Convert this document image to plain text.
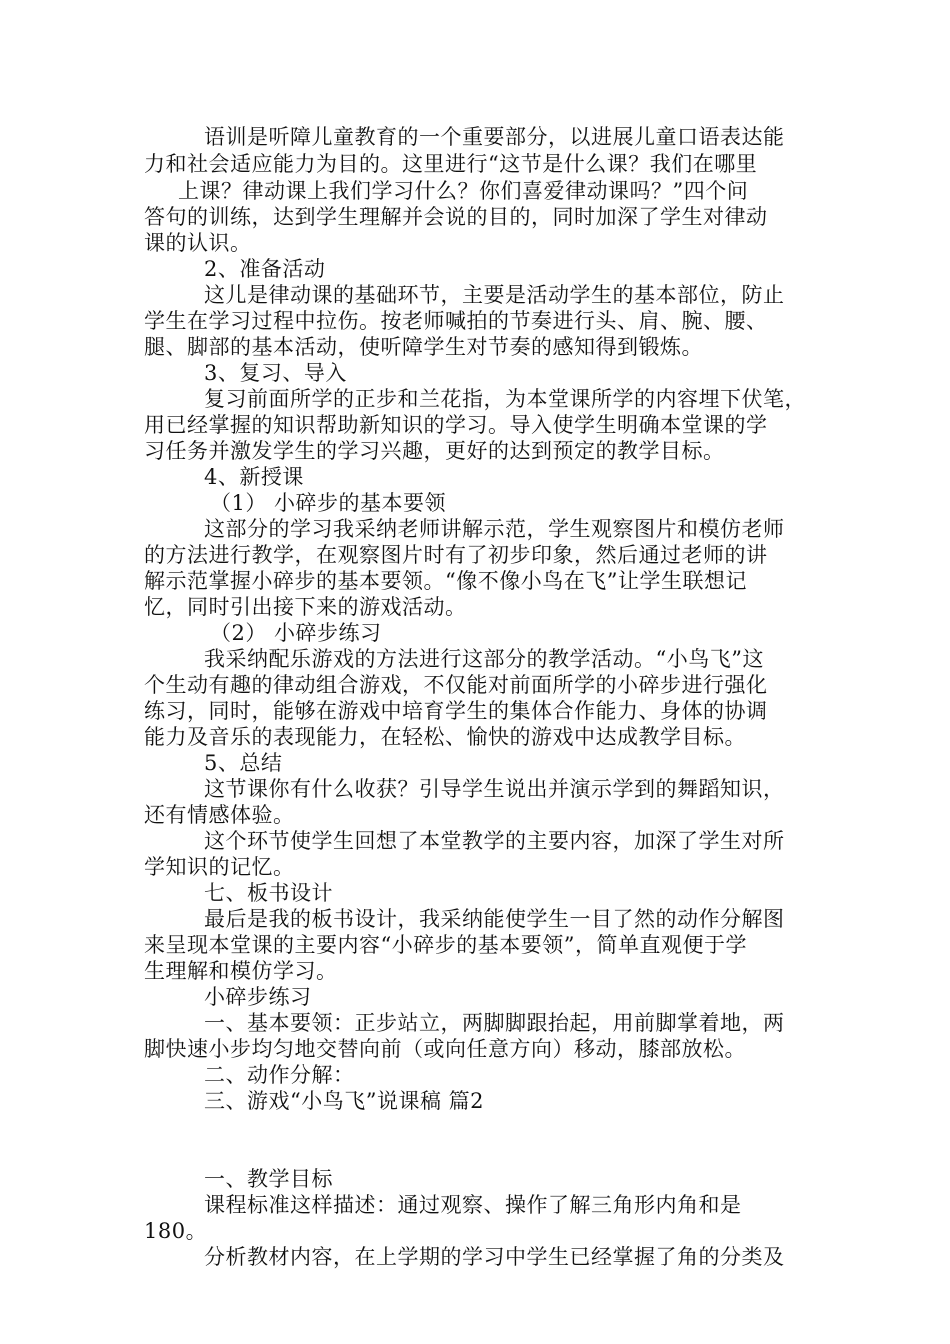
语训是听障儿童教育的一个重要部分，以进展儿童口语表达能

力和社会适应能力为目的。这里进行“这节是什么课？我们在哪里

上课？律动课上我们学习什么？你们喜爱律动课吗？”四个问

答句的训练，达到学生理解并会说的目的，同时加深了学生对律动

课的认识。

2、准备活动

这儿是律动课的基础环节，主要是活动学生的基本部位，防止

学生在学习过程中拉伤。按老师喊拍的节奏进行头、肩、腕、腰、

腿、脚部的基本活动，使听障学生对节奏的感知得到锻炼。

3、复习、导入

复习前面所学的正步和兰花指，为本堂课所学的内容埋下伏笔，

用已经掌握的知识帮助新知识的学习。导入使学生明确本堂课的学

习任务并激发学生的学习兴趣，更好的达到预定的教学目标。

4、新授课

（1） 小碎步的基本要领

这部分的学习我采纳老师讲解示范，学生观察图片和模仿老师

的方法进行教学，在观察图片时有了初步印象，然后通过老师的讲

解示范掌握小碎步的基本要领。“像不像小鸟在飞”让学生联想记

忆，同时引出接下来的游戏活动。

（2） 小碎步练习

我采纳配乐游戏的方法进行这部分的教学活动。“小鸟飞”这

个生动有趣的律动组合游戏，不仅能对前面所学的小碎步进行强化

练习，同时，能够在游戏中培育学生的集体合作能力、身体的协调

能力及音乐的表现能力，在轻松、愉快的游戏中达成教学目标。

5、总结

这节课你有什么收获？引导学生说出并演示学到的舞蹈知识，

还有情感体验。

这个环节使学生回想了本堂教学的主要内容，加深了学生对所

学知识的记忆。

七、板书设计

最后是我的板书设计，我采纳能使学生一目了然的动作分解图

来呈现本堂课的主要内容“小碎步的基本要领”，简单直观便于学

生理解和模仿学习。

小碎步练习

一、基本要领：正步站立，两脚脚跟抬起，用前脚掌着地，两

脚快速小步均匀地交替向前（或向任意方向）移动，膝部放松。

二、动作分解：

三、游戏“小鸟飞”说课稿 篇2

一、教学目标

课程标准这样描述：通过观察、操作了解三角形内角和是

180。

分析教材内容，在上学期的学习中学生已经掌握了角的分类及
